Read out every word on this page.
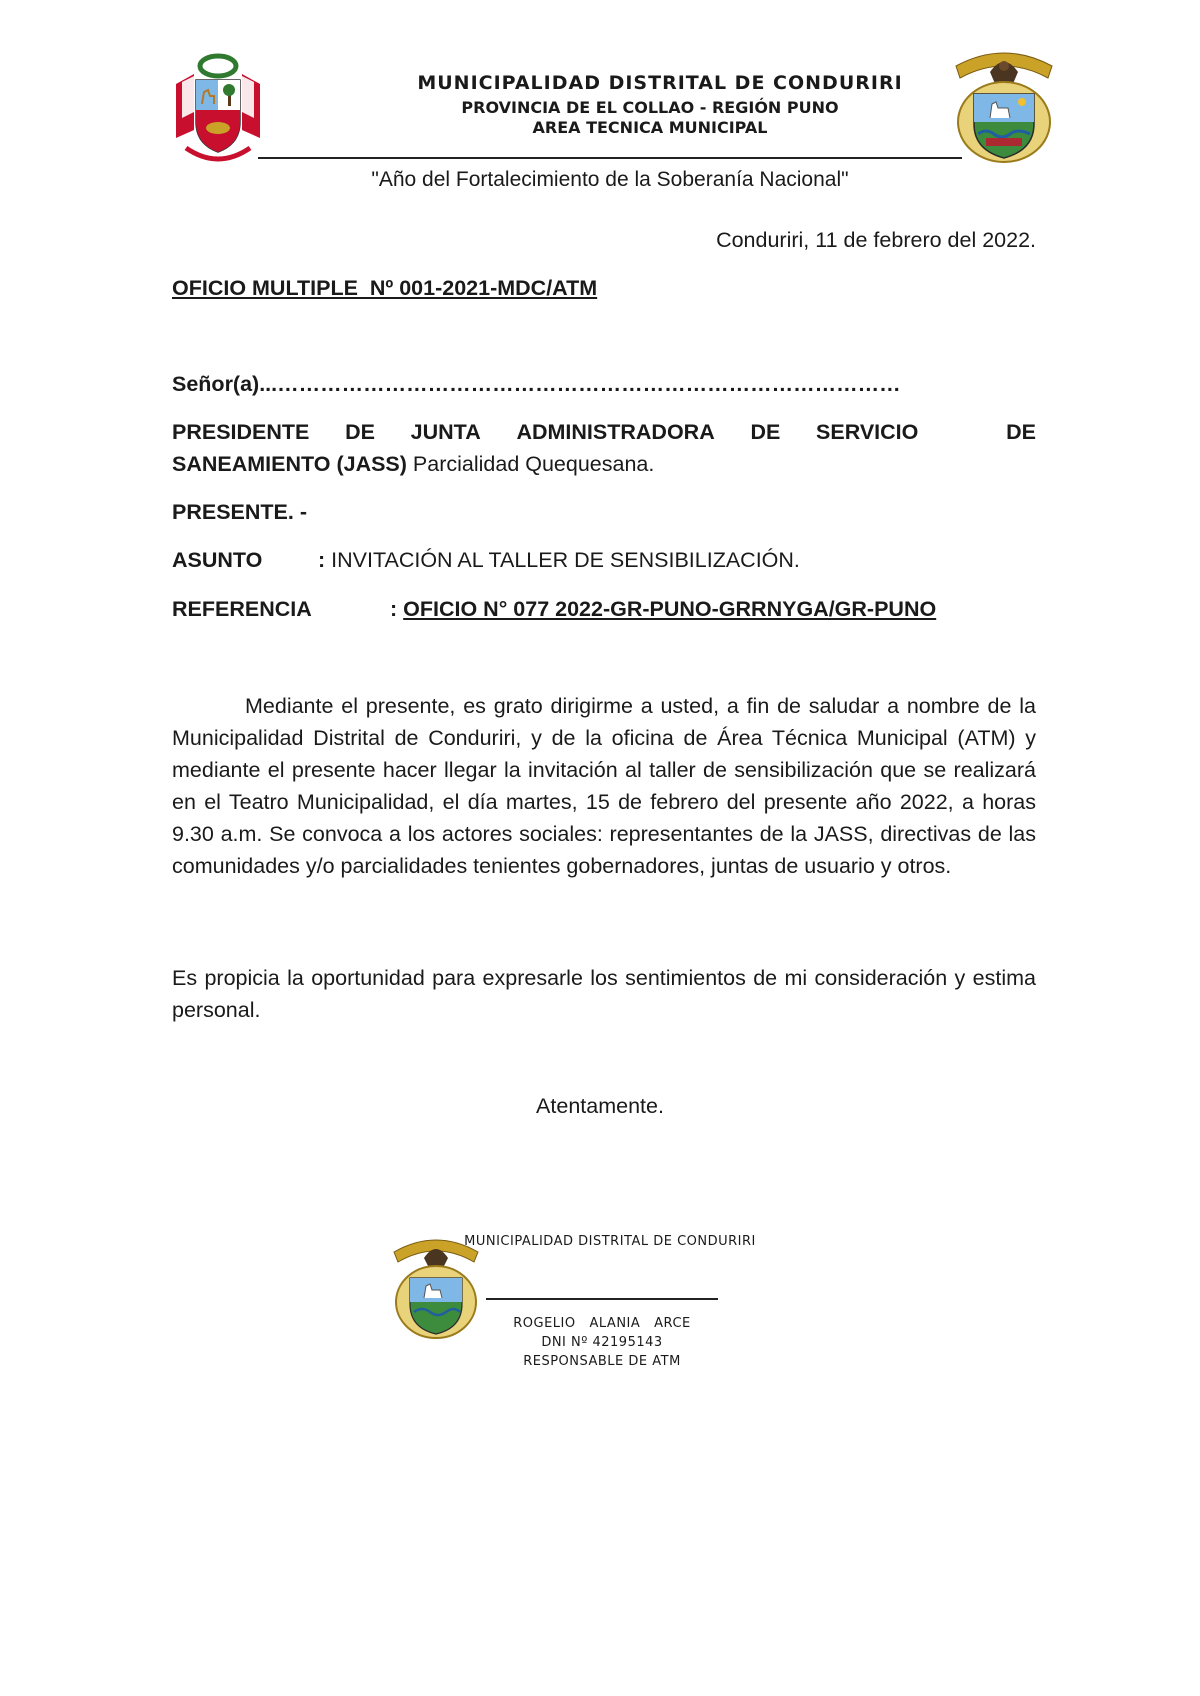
MUNICIPALIDAD DISTRITAL DE CONDURIRI
PROVINCIA DE EL COLLAO - REGIÓN PUNO
AREA TECNICA MUNICIPAL
"Año del Fortalecimiento de la Soberanía Nacional"
Conduriri, 11 de febrero del 2022.
OFICIO MULTIPLE  Nº 001-2021-MDC/ATM
Señor(a)...……………………………………………………………………………
PRESIDENTE DE JUNTA ADMINISTRADORA DE SERVICIO	DE
SANEAMIENTO (JASS) Parcialidad Quequesana.
PRESENTE. -
ASUNTO	: INVITACIÓN AL TALLER DE SENSIBILIZACIÓN.
REFERENCIA	: OFICIO N° 077 2022-GR-PUNO-GRRNYGA/GR-PUNO
Mediante el presente, es grato dirigirme a usted, a fin de saludar a nombre de la Municipalidad Distrital de Conduriri, y de la oficina de Área Técnica Municipal (ATM) y mediante el presente hacer llegar la invitación al taller de sensibilización que se realizará en el Teatro Municipalidad, el día martes, 15 de febrero del presente año 2022, a horas 9.30 a.m. Se convoca a los actores sociales: representantes de la JASS, directivas de las comunidades y/o parcialidades tenientes gobernadores, juntas de usuario y otros.
Es propicia la oportunidad para expresarle los sentimientos de mi consideración y estima personal.
Atentamente.
MUNICIPALIDAD DISTRITAL DE CONDURIRI
ROGELIO   ALANIA   ARCE
DNI Nº 42195143
RESPONSABLE DE ATM
